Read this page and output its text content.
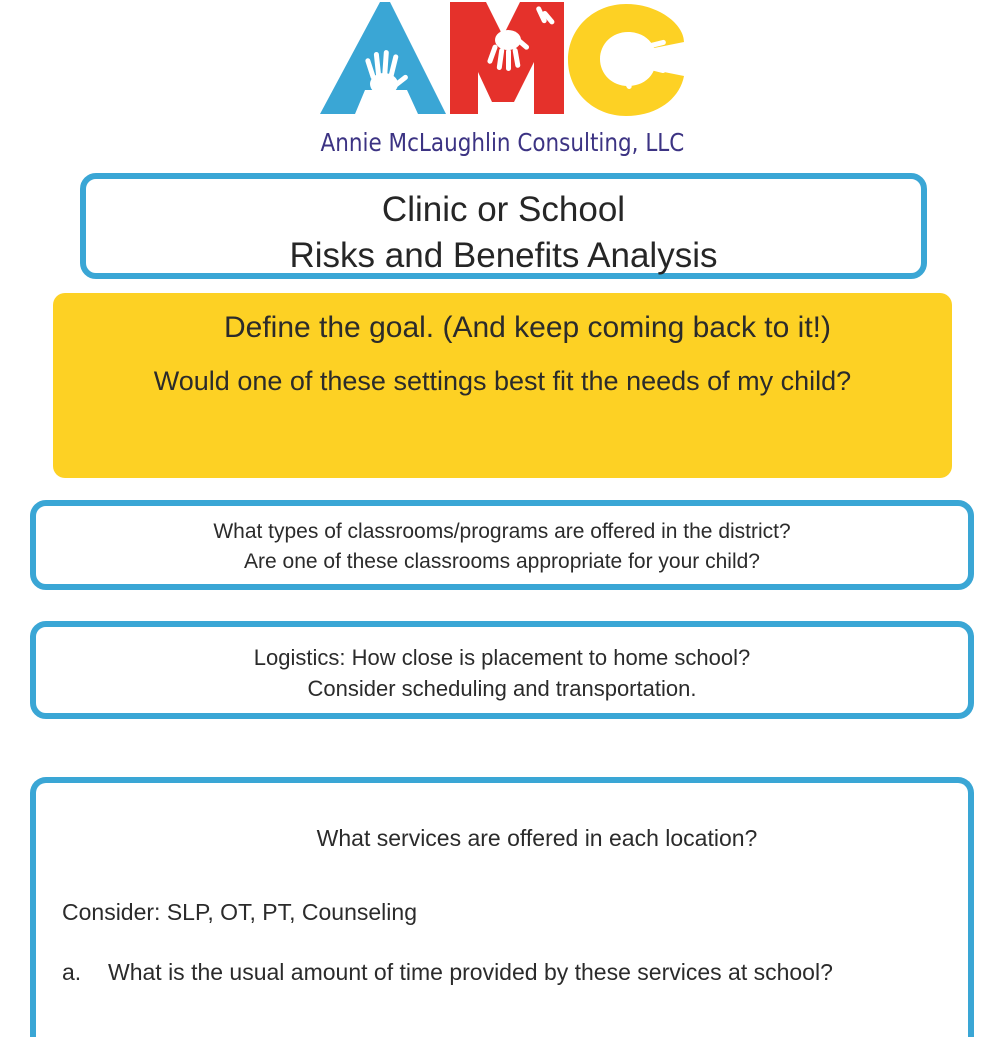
Annie McLaughlin Consulting, LLC
Clinic or School
Risks and Benefits Analysis
Define the goal. (And keep coming back to it!)
Would one of these settings best fit the needs of my child?
What types of classrooms/programs are offered in the district?
Are one of these classrooms appropriate for your child?
Logistics: How close is placement to home school?
Consider scheduling and transportation.
What services are offered in each location?
Consider: SLP, OT, PT, Counseling
a. What is the usual amount of time provided by these services at school?
